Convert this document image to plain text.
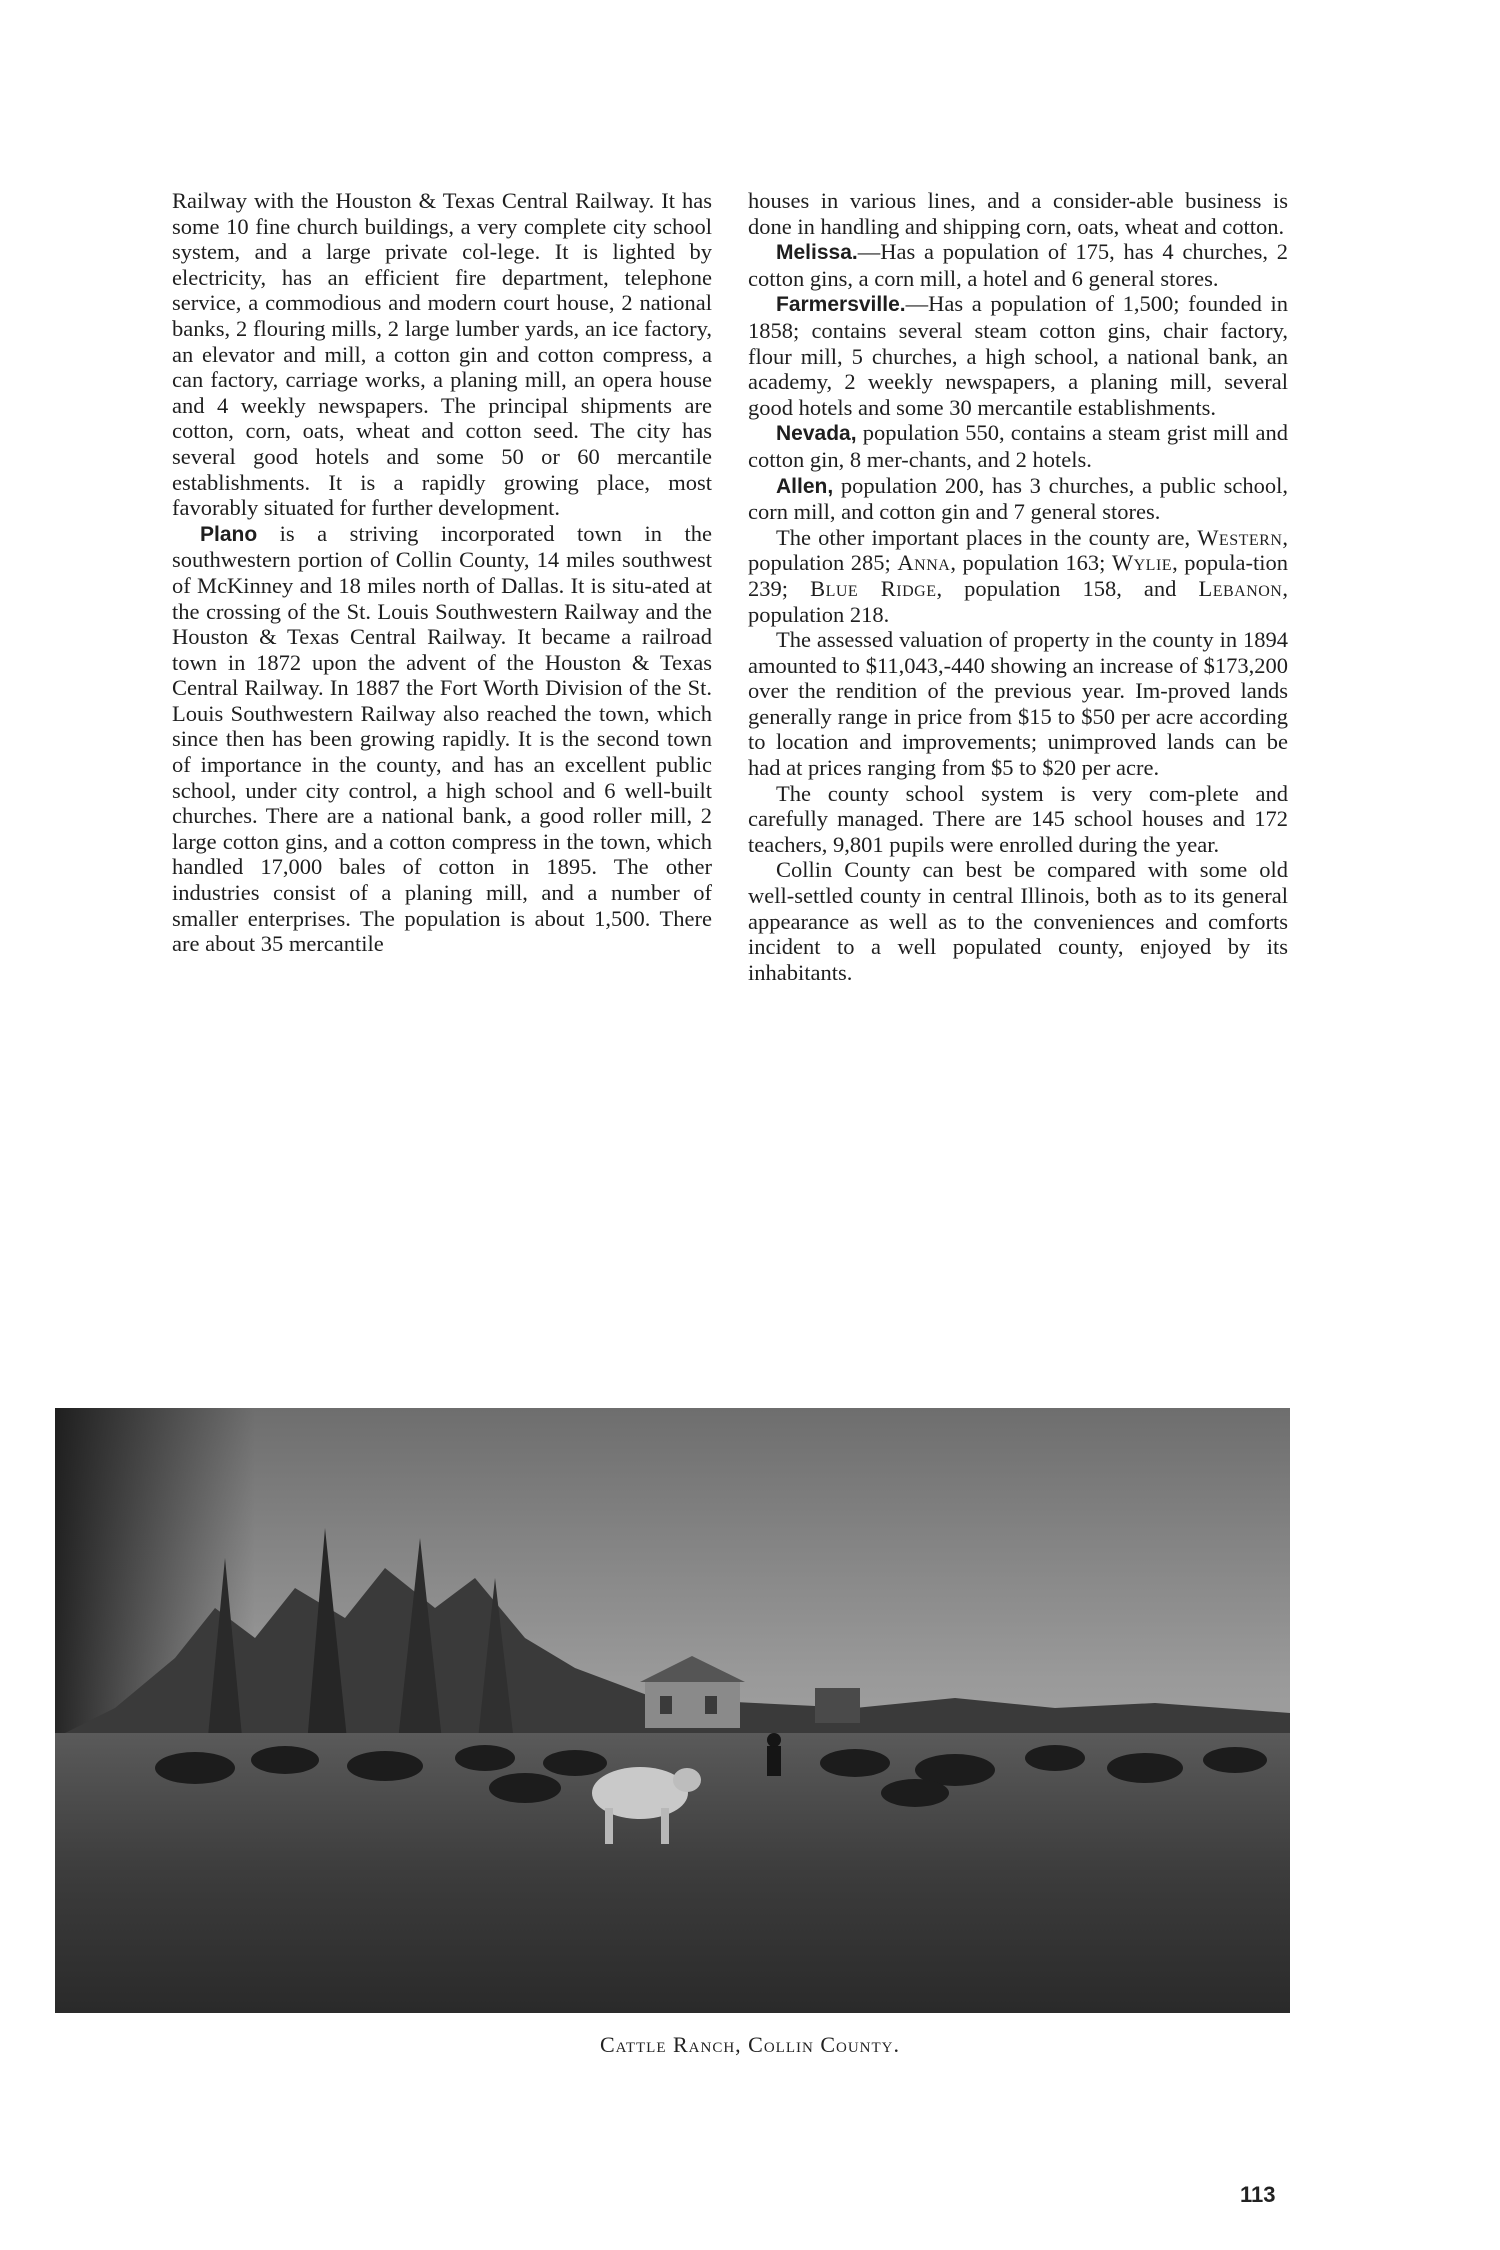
Railway with the Houston & Texas Central Railway. It has some 10 fine church buildings, a very complete city school system, and a large private col-lege. It is lighted by electricity, has an efficient fire department, telephone service, a commodious and modern court house, 2 national banks, 2 flouring mills, 2 large lumber yards, an ice factory, an elevator and mill, a cotton gin and cotton compress, a can factory, carriage works, a planing mill, an opera house and 4 weekly newspapers. The principal shipments are cotton, corn, oats, wheat and cotton seed. The city has several good hotels and some 50 or 60 mercantile establishments. It is a rapidly growing place, most favorably situated for further development.

Plano is a striving incorporated town in the southwestern portion of Collin County, 14 miles southwest of McKinney and 18 miles north of Dallas. It is situ-ated at the crossing of the St. Louis Southwestern Railway and the Houston & Texas Central Railway. It became a railroad town in 1872 upon the advent of the Houston & Texas Central Railway. In 1887 the Fort Worth Division of the St. Louis Southwestern Railway also reached the town, which since then has been growing rapidly. It is the second town of importance in the county, and has an excellent public school, under city control, a high school and 6 well-built churches. There are a national bank, a good roller mill, 2 large cotton gins, and a cotton compress in the town, which handled 17,000 bales of cotton in 1895. The other industries consist of a planing mill, and a number of smaller enterprises. The population is about 1,500. There are about 35 mercantile

houses in various lines, and a consider-able business is done in handling and shipping corn, oats, wheat and cotton.

Melissa.—Has a population of 175, has 4 churches, 2 cotton gins, a corn mill, a hotel and 6 general stores.

Farmersville.—Has a population of 1,500; founded in 1858; contains several steam cotton gins, chair factory, flour mill, 5 churches, a high school, a national bank, an academy, 2 weekly newspapers, a planing mill, several good hotels and some 30 mercantile establishments.

Nevada, population 550, contains a steam grist mill and cotton gin, 8 mer-chants, and 2 hotels.

Allen, population 200, has 3 churches, a public school, corn mill, and cotton gin and 7 general stores.

The other important places in the county are, Western, population 285; Anna, population 163; Wylie, popula-tion 239; Blue Ridge, population 158, and Lebanon, population 218.

The assessed valuation of property in the county in 1894 amounted to $11,043,-440 showing an increase of $173,200 over the rendition of the previous year. Im-proved lands generally range in price from $15 to $50 per acre according to location and improvements; unimproved lands can be had at prices ranging from $5 to $20 per acre.

The county school system is very com-plete and carefully managed. There are 145 school houses and 172 teachers, 9,801 pupils were enrolled during the year.

Collin County can best be compared with some old well-settled county in central Illinois, both as to its general appearance as well as to the conveniences and comforts incident to a well populated county, enjoyed by its inhabitants.

Cattle Ranch, Collin County.
113
